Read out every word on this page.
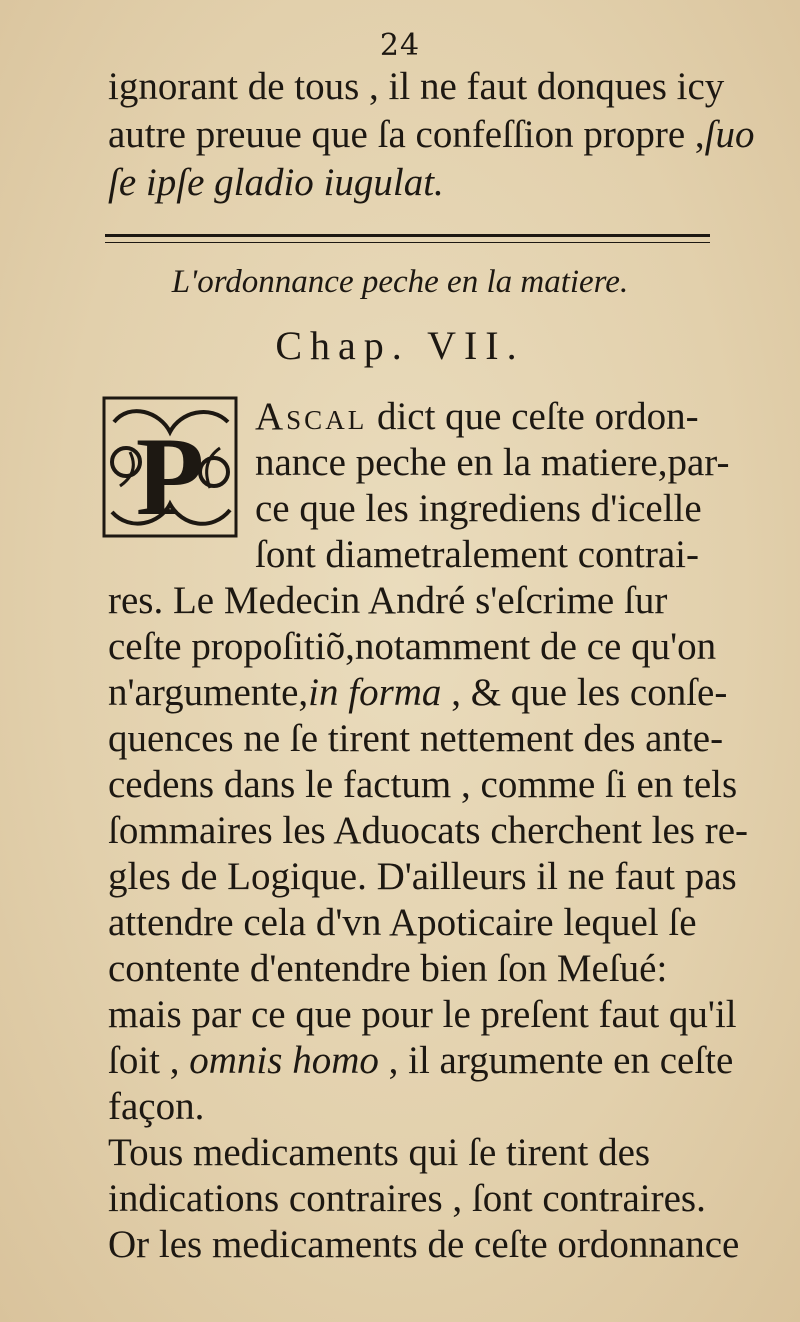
24
ignorant de tous , il ne faut donques icy
autre preuue que ſa confeſſion propre ,ſuo
ſe ipſe gladio iugulat.
L'ordonnance peche en la matiere.
Chap. VII.
P Ascal dict que ceſte ordon-
nance peche en la matiere,par-
ce que les ingrediens d'icelle
ſont diametralement contrai-
res. Le Medecin André s'eſcrime ſur
ceſte propoſitiõ,notamment de ce qu'on
n'argumente,in forma , & que les conſe-
quences ne ſe tirent nettement des ante-
cedens dans le factum , comme ſi en tels
ſommaires les Aduocats cherchent les re-
gles de Logique. D'ailleurs il ne faut pas
attendre cela d'vn Apoticaire lequel ſe
contente d'entendre bien ſon Meſué:
mais par ce que pour le preſent faut qu'il
ſoit , omnis homo , il argumente en ceſte
façon.
Tous medicaments qui ſe tirent des
indications contraires , ſont contraires.
Or les medicaments de ceſte ordonnance
